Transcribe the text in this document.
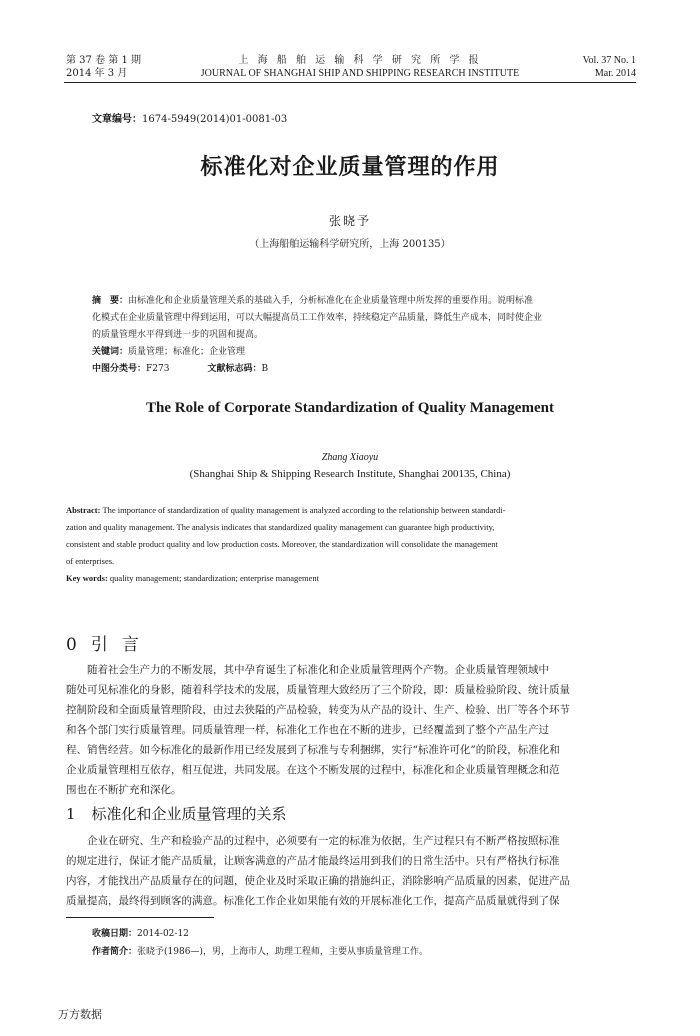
第 37 卷 第 1 期
2014 年 3 月
上 海 船 舶 运 输 科 学 研 究 所 学 报
JOURNAL OF SHANGHAI SHIP AND SHIPPING RESEARCH INSTITUTE
Vol. 37 No. 1
Mar. 2014
文章编号：1674-5949(2014)01-0081-03
标准化对企业质量管理的作用
张晓予
（上海船舶运输科学研究所，上海 200135）
摘　要：由标准化和企业质量管理关系的基础入手，分析标准化在企业质量管理中所发挥的重要作用。说明标准
化模式在企业质量管理中得到运用，可以大幅提高员工工作效率，持续稳定产品质量，降低生产成本，同时使企业
的质量管理水平得到进一步的巩固和提高。
关键词：质量管理；标准化；企业管理
中图分类号：F273	文献标志码：B
The Role of Corporate Standardization of Quality Management
Zhang Xiaoyu
(Shanghai Ship & Shipping Research Institute, Shanghai 200135, China)
Abstract: The importance of standardization of quality management is analyzed according to the relationship between standardi-
zation and quality management. The analysis indicates that standardized quality management can guarantee high productivity,
consistent and stable product quality and low production costs. Moreover, the standardization will consolidate the management
of enterprises.
Key words: quality management; standardization; enterprise management
0 引言
随着社会生产力的不断发展，其中孕育诞生了标准化和企业质量管理两个产物。企业质量管理领域中
随处可见标准化的身影，随着科学技术的发展，质量管理大致经历了三个阶段，即：质量检验阶段、统计质量
控制阶段和全面质量管理阶段，由过去狭隘的产品检验，转变为从产品的设计、生产、检验、出厂等各个环节
和各个部门实行质量管理。同质量管理一样，标准化工作也在不断的进步，已经覆盖到了整个产品生产过
程、销售经营。如今标准化的最新作用已经发展到了标准与专利捆绑，实行“标准许可化”的阶段，标准化和
企业质量管理相互依存，相互促进，共同发展。在这个不断发展的过程中，标准化和企业质量管理概念和范
围也在不断扩充和深化。
1 标准化和企业质量管理的关系
企业在研究、生产和检验产品的过程中，必须要有一定的标准为依据，生产过程只有不断严格按照标准
的规定进行，保证才能产品质量，让顾客满意的产品才能最终运用到我们的日常生活中。只有严格执行标准
内容，才能找出产品质量存在的问题，使企业及时采取正确的措施纠正，消除影响产品质量的因素，促进产品
质量提高，最终得到顾客的满意。标准化工作企业如果能有效的开展标准化工作，提高产品质量就得到了保
收稿日期：2014-02-12
作者简介：张晓予(1986—)，男，上海市人，助理工程师，主要从事质量管理工作。
万方数据
